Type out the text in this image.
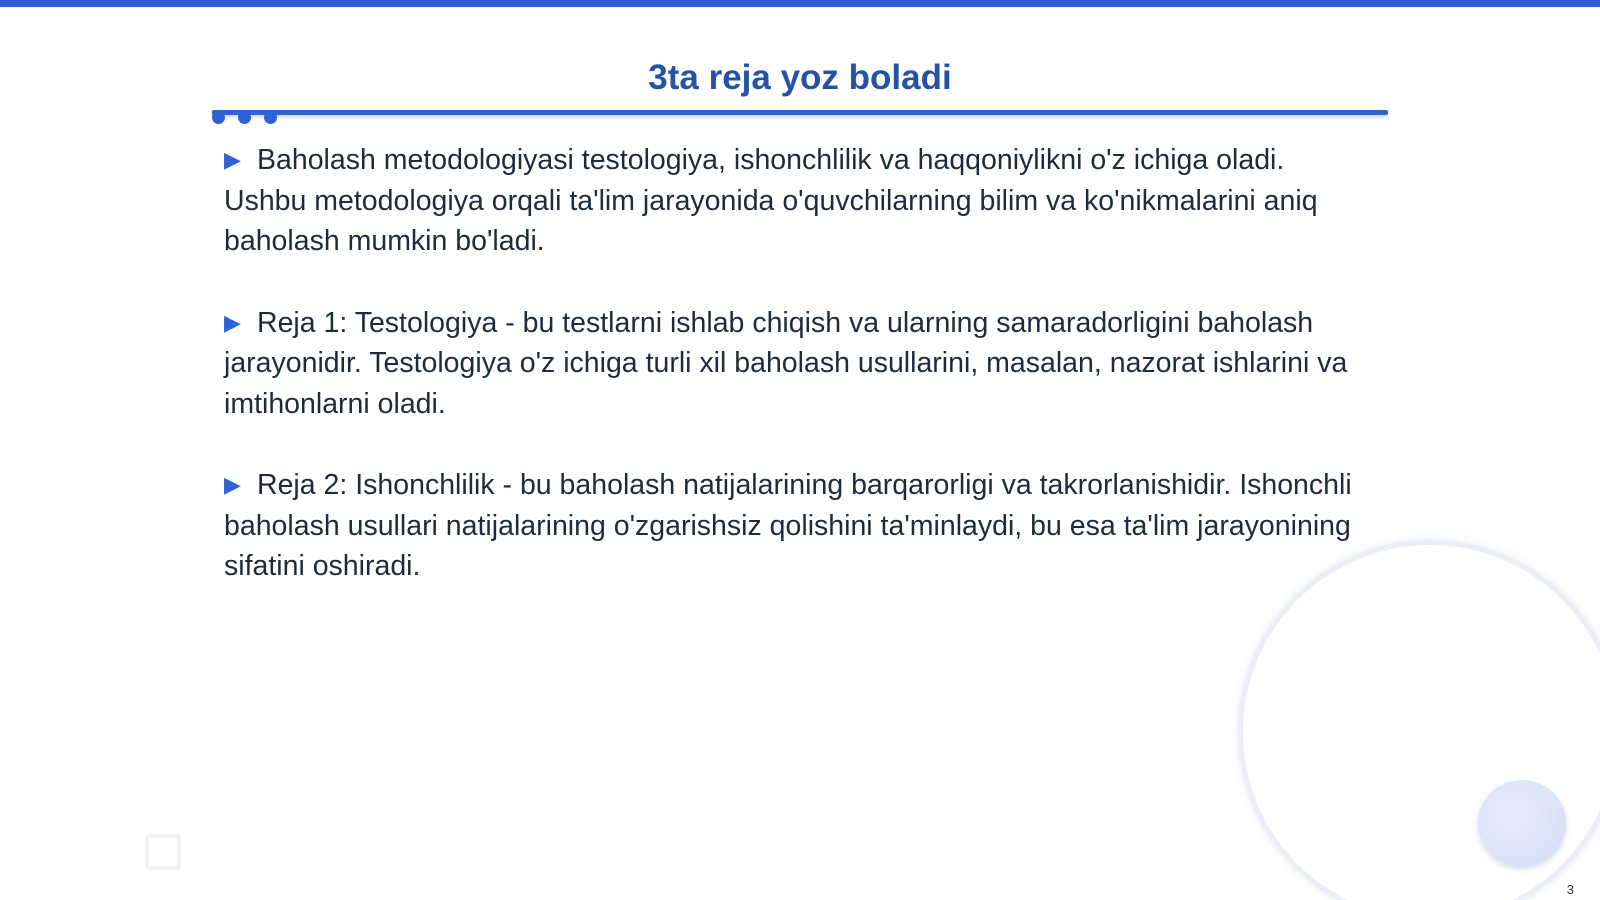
3ta reja yoz boladi

▶ Baholash metodologiyasi testologiya, ishonchlilik va haqqoniylikni o'z ichiga oladi. Ushbu metodologiya orqali ta'lim jarayonida o'quvchilarning bilim va ko'nikmalarini aniq baholash mumkin bo'ladi.

▶ Reja 1: Testologiya - bu testlarni ishlab chiqish va ularning samaradorligini baholash jarayonidir. Testologiya o'z ichiga turli xil baholash usullarini, masalan, nazorat ishlarini va imtihonlarni oladi.

▶ Reja 2: Ishonchlilik - bu baholash natijalarining barqarorligi va takrorlanishidir. Ishonchli baholash usullari natijalarining o'zgarishsiz qolishini ta'minlaydi, bu esa ta'lim jarayonining sifatini oshiradi.

3
